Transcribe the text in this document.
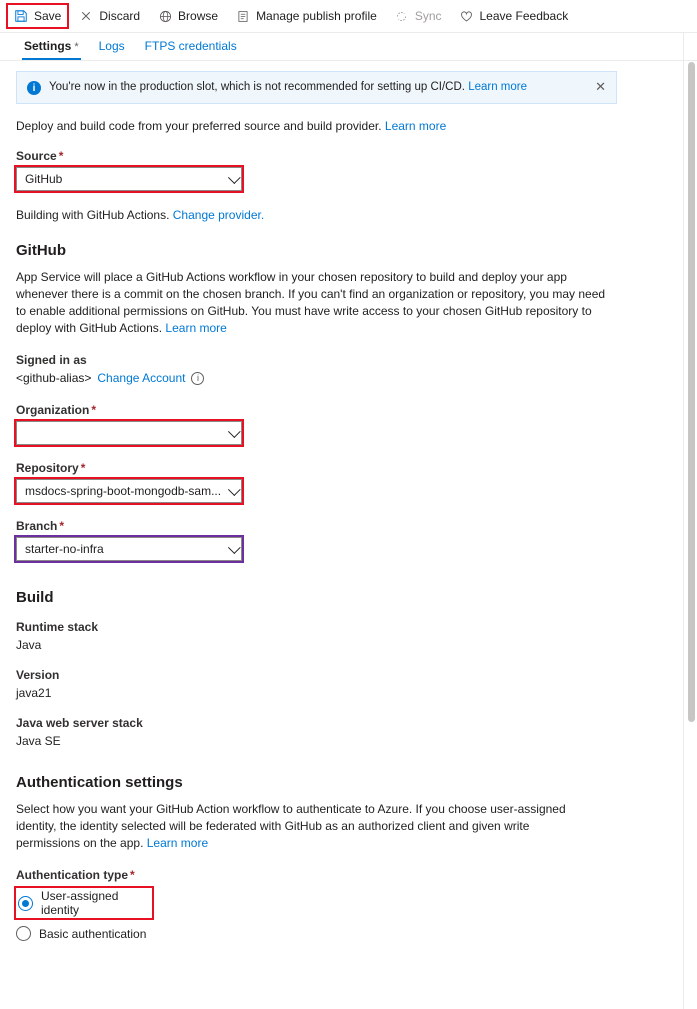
Save	Discard	Browse	Manage publish profile	Sync	Leave Feedback
Settings *	Logs	FTPS credentials
i	You're now in the production slot, which is not recommended for setting up CI/CD. Learn more	✕

Deploy and build code from your preferred source and build provider. Learn more

Source *
GitHub

Building with GitHub Actions. Change provider.

GitHub

App Service will place a GitHub Actions workflow in your chosen repository to build and deploy your app whenever there is a commit on the chosen branch. If you can't find an organization or repository, you may need to enable additional permissions on GitHub. You must have write access to your chosen GitHub repository to deploy with GitHub Actions. Learn more

Signed in as
<github-alias> Change Account	i
Organization *
Repository *
msdocs-spring-boot-mongodb-sam...
Branch *
starter-no-infra
Build
Runtime stack
Java
Version
java21
Java web server stack
Java SE
Authentication settings

Select how you want your GitHub Action workflow to authenticate to Azure. If you choose user-assigned identity, the identity selected will be federated with GitHub as an authorized client and given write permissions on the app. Learn more

Authentication type *
User-assigned identity
Basic authentication
